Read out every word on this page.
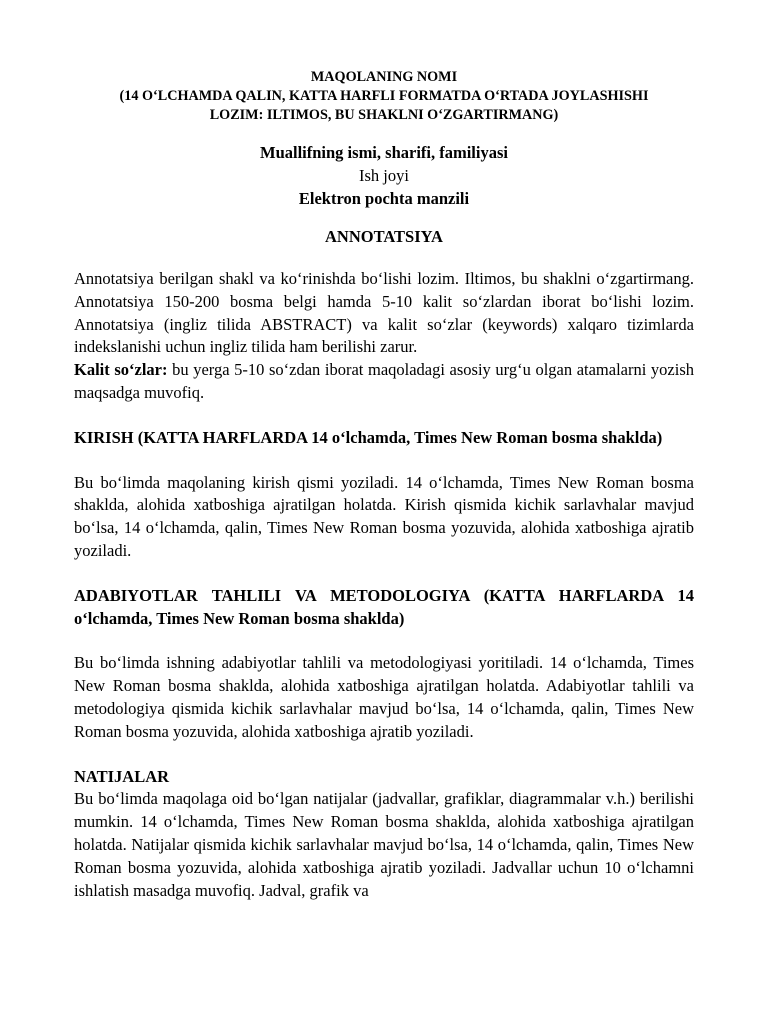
MAQOLANING NOMI
(14 O‘LCHAMDA QALIN, KATTA HARFLI FORMATDA O‘RTADA JOYLASHISHI
LOZIM: ILTIMOS, BU SHAKLNI O‘ZGARTIRMANG)
Muallifning ismi, sharifi, familiyasi
Ish joyi
Elektron pochta manzili
ANNOTATSIYA

Annotatsiya berilgan shakl va ko‘rinishda bo‘lishi lozim. Iltimos, bu shaklni o‘zgartirmang. Annotatsiya 150-200 bosma belgi hamda 5-10 kalit so‘zlardan iborat bo‘lishi lozim. Annotatsiya (ingliz tilida ABSTRACT) va kalit so‘zlar (keywords) xalqaro tizimlarda indekslanishi uchun ingliz tilida ham berilishi zarur.

Kalit so‘zlar: bu yerga 5-10 so‘zdan iborat maqoladagi asosiy urg‘u olgan atamalarni yozish maqsadga muvofiq.

KIRISH (KATTA HARFLARDA 14 o‘lchamda, Times New Roman bosma shaklda)

Bu bo‘limda maqolaning kirish qismi yoziladi. 14 o‘lchamda, Times New Roman bosma shaklda, alohida xatboshiga ajratilgan holatda. Kirish qismida kichik sarlavhalar mavjud bo‘lsa, 14 o‘lchamda, qalin, Times New Roman bosma yozuvida, alohida xatboshiga ajratib yoziladi.

ADABIYOTLAR TAHLILI VA METODOLOGIYA (KATTA HARFLARDA 14 o‘lchamda, Times New Roman bosma shaklda)

Bu bo‘limda ishning adabiyotlar tahlili va metodologiyasi yoritiladi. 14 o‘lchamda, Times New Roman bosma shaklda, alohida xatboshiga ajratilgan holatda. Adabiyotlar tahlili va metodologiya qismida kichik sarlavhalar mavjud bo‘lsa, 14 o‘lchamda, qalin, Times New Roman bosma yozuvida, alohida xatboshiga ajratib yoziladi.

NATIJALAR

Bu bo‘limda maqolaga oid bo‘lgan natijalar (jadvallar, grafiklar, diagrammalar v.h.) berilishi mumkin. 14 o‘lchamda, Times New Roman bosma shaklda, alohida xatboshiga ajratilgan holatda. Natijalar qismida kichik sarlavhalar mavjud bo‘lsa, 14 o‘lchamda, qalin, Times New Roman bosma yozuvida, alohida xatboshiga ajratib yoziladi. Jadvallar uchun 10 o‘lchamni ishlatish masadga muvofiq. Jadval, grafik va
